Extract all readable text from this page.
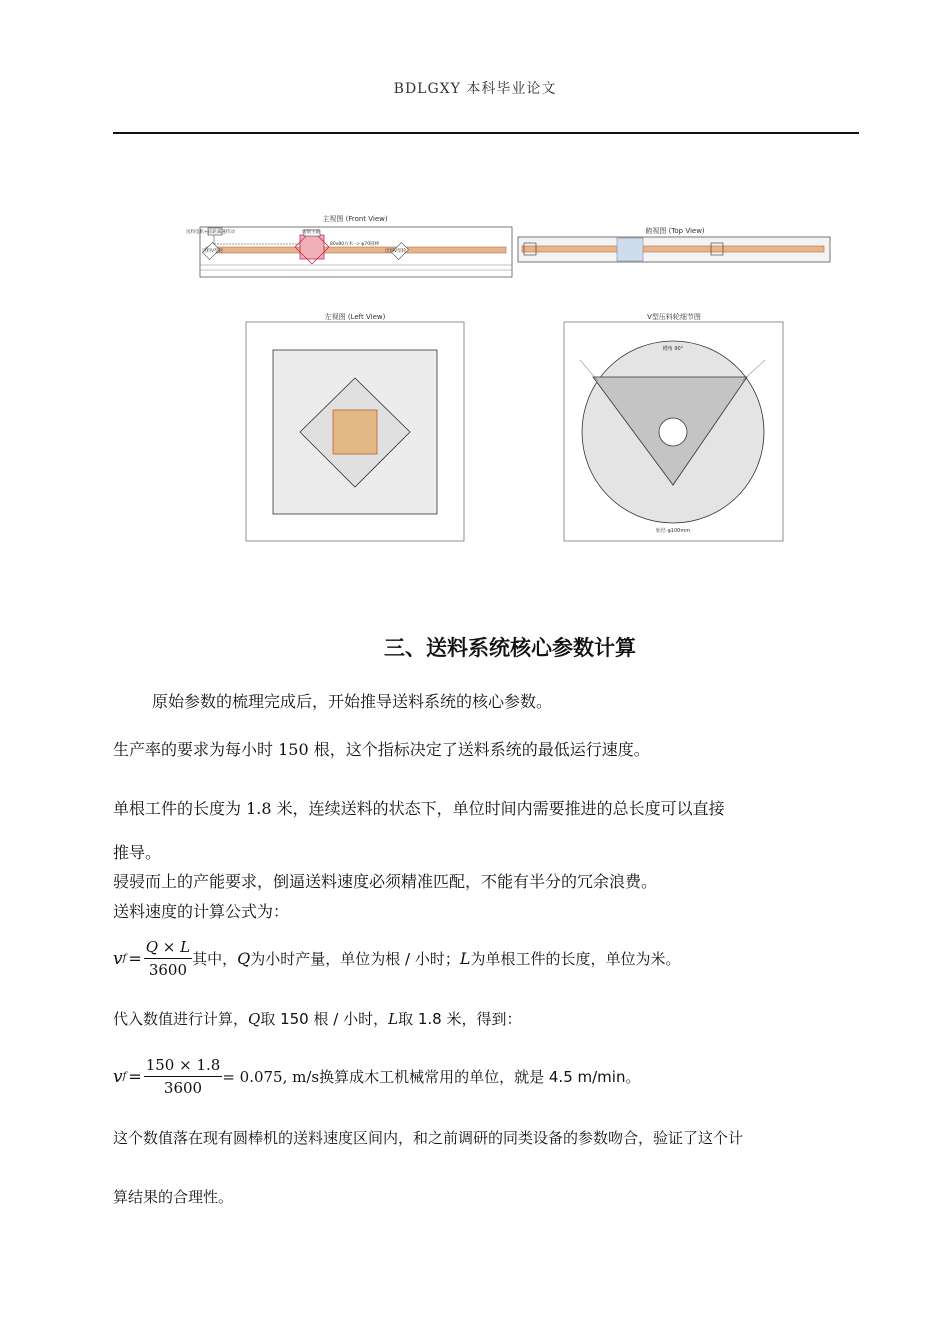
BDLGXY 本科毕业论文
主视图 (Front View)
送料电机+齿轮减速传动	切削主轴
进料V型轮
80x80方木 -> φ70圆棒
出料V型轮
俯视图 (Top View)
左视图 (Left View)	V型压料轮细节图
槽角 90°
轮径 φ100mm
三、送料系统核心参数计算
原始参数的梳理完成后，开始推导送料系统的核心参数。
生产率的要求为每小时 150 根，这个指标决定了送料系统的最低运行速度。
单根工件的长度为 1.8 米，连续送料的状态下，单位时间内需要推进的总长度可以直接
推导。
骎骎而上的产能要求，倒逼送料速度必须精准匹配，不能有半分的冗余浪费。
送料速度的计算公式为：
v $f = \frac{Q \times L}{3600}$ 其中， Q 为小时产量，单位为根 / 小时； L 为单根工件的长度，单位为米。
代入数值进行计算，Q取 150 根 / 小时，L取 1.8 米，得到：
v $f = \frac{150 \times 1.8}{3600} = 0.075$ , m/s 换算成木工机械常用的单位，就是 4.5 m/min。
这个数值落在现有圆棒机的送料速度区间内，和之前调研的同类设备的参数吻合，验证了这个计
算结果的合理性。
